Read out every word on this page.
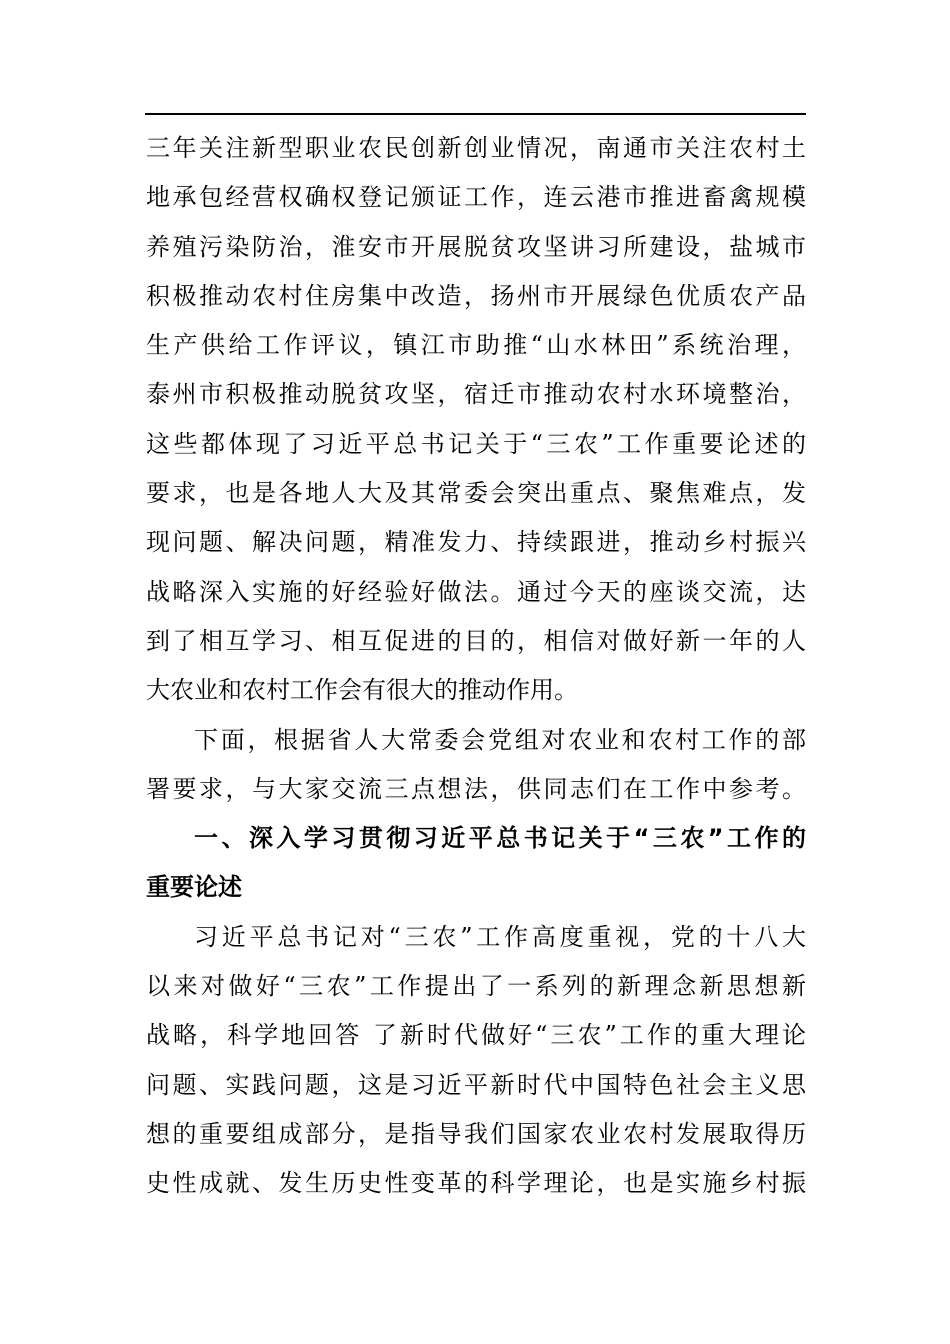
三年关注新型职业农民创新创业情况，南通市关注农村土
地承包经营权确权登记颁证工作，连云港市推进畜禽规模
养殖污染防治，淮安市开展脱贫攻坚讲习所建设，盐城市
积极推动农村住房集中改造，扬州市开展绿色优质农产品
生产供给工作评议，镇江市助推“山水林田”系统治理，
泰州市积极推动脱贫攻坚，宿迁市推动农村水环境整治，
这些都体现了习近平总书记关于“三农”工作重要论述的
要求，也是各地人大及其常委会突出重点、聚焦难点，发
现问题、解决问题，精准发力、持续跟进，推动乡村振兴
战略深入实施的好经验好做法。通过今天的座谈交流，达
到了相互学习、相互促进的目的，相信对做好新一年的人
大农业和农村工作会有很大的推动作用。
下面，根据省人大常委会党组对农业和农村工作的部
署要求，与大家交流三点想法，供同志们在工作中参考。
一、深入学习贯彻习近平总书记关于“三农”工作的
重要论述
习近平总书记对“三农”工作高度重视，党的十八大
以来对做好“三农”工作提出了一系列的新理念新思想新
战略，科学地回答 了新时代做好“三农”工作的重大理论
问题、实践问题，这是习近平新时代中国特色社会主义思
想的重要组成部分，是指导我们国家农业农村发展取得历
史性成就、发生历史性变革的科学理论，也是实施乡村振
